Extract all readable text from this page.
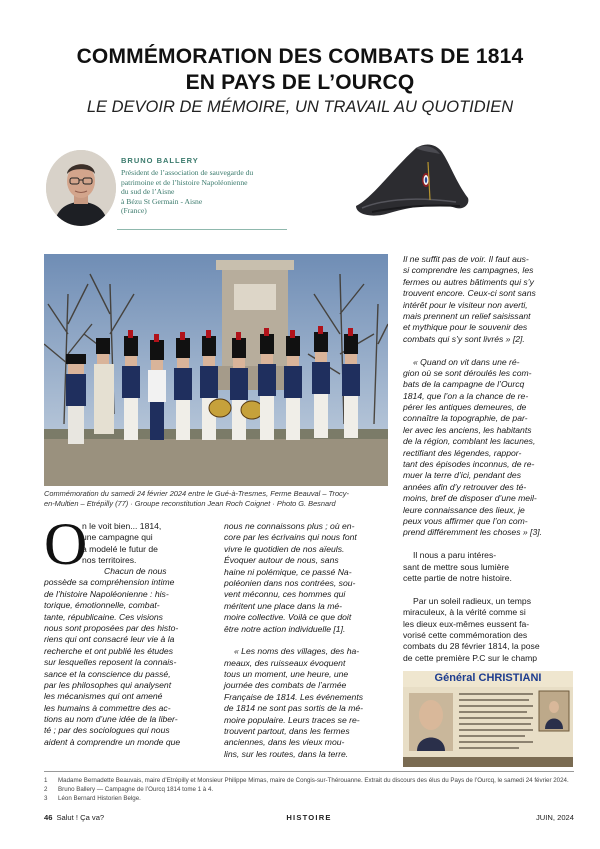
COMMÉMORATION DES COMBATS DE 1814
EN PAYS DE L’OURCQ
LE DEVOIR DE MÉMOIRE, UN TRAVAIL AU QUOTIDIEN
BRUNO BALLERY
Président de l’association de sauvegarde du
patrimoine et de l’histoire Napoléonienne
du sud de l’Aisne
à Bézu St Germain - Aisne
(France)
Commémoration du samedi 24 février 2024 entre le Gué-à-Tresmes, Ferme Beauval – Trocy-
en-Multien – Etrépilly (77) · Groupe reconstitution Jean Roch Coignet · Photo G. Besnard
O
n le voit bien... 1814,
une campagne qui
a modelé le futur de
nos territoires.
Chacun de nous
possède sa compréhension intime
de l’histoire Napoléonienne : his-
torique, émotionnelle, combat-
tante, républicaine. Ces visions
nous sont proposées par des histo-
riens qui ont consacré leur vie à la
recherche et ont publié les études
sur lesquelles reposent la connais-
sance et la conscience du passé,
par les philosophes qui analysent
les mécanismes qui ont amené
les humains à commettre des ac-
tions au nom d’une idée de la liber-
té ; par des sociologues qui nous
aident à comprendre un monde que
nous ne connaissons plus ; où en-
core par les écrivains qui nous font
vivre le quotidien de nos aïeuls.
Évoquer autour de nous, sans
haine ni polémique, ce passé Na-
poléonien dans nos contrées, sou-
vent méconnu, ces hommes qui
méritent une place dans la mé-
moire collective. Voilà ce que doit
être notre action individuelle [1].
« Les noms des villages, des ha-
meaux, des ruisseaux évoquent
tous un moment, une heure, une
journée des combats de l’armée
Française de 1814. Les événements
de 1814 ne sont pas sortis de la mé-
moire populaire. Leurs traces se re-
trouvent partout, dans les fermes
anciennes, dans les vieux mou-
lins, sur les routes, dans la terre.
Il ne suffit pas de voir. Il faut aus-
si comprendre les campagnes, les
fermes ou autres bâtiments qui s’y
trouvent encore. Ceux-ci sont sans
intérêt pour le visiteur non averti,
mais prennent un relief saisissant
et mythique pour le souvenir des
combats qui s’y sont livrés » [2].
« Quand on vit dans une ré-
gion où se sont déroulés les com-
bats de la campagne de l’Ourcq
1814, que l’on a la chance de re-
pérer les antiques demeures, de
connaître la topographie, de par-
ler avec les anciens, les habitants
de la région, comblant les lacunes,
rectifiant des légendes, rappor-
tant des épisodes inconnus, de re-
muer la terre d’ici, pendant des
années afin d’y retrouver des té-
moins, bref de disposer d’une meil-
leure connaissance des lieux, je
peux vous affirmer que l’on com-
prend différemment les choses » [3].
Il nous a paru intéres-
sant de mettre sous lumière
cette partie de notre histoire.
Par un soleil radieux, un temps
miraculeux, à la vérité comme si
les dieux eux-mêmes eussent fa-
vorisé cette commémoration des
combats du 28 février 1814, la pose
de cette première P.C sur le champ
Général CHRISTIANI
1 Madame Bernadette Beauvais, maire d’Etrépilly et Monsieur Philippe Mimas, maire de Congis-sur-Thérouanne. Extrait du discours des élus du Pays de l’Ourcq, le samedi 24 février 2024.
2 Bruno Ballery — Campagne de l’Ourcq 1814 tome 1 à 4.
3 Léon Bernard Historien Belge.
46 Salut ! Ça va?	HISTOIRE	JUIN, 2024
